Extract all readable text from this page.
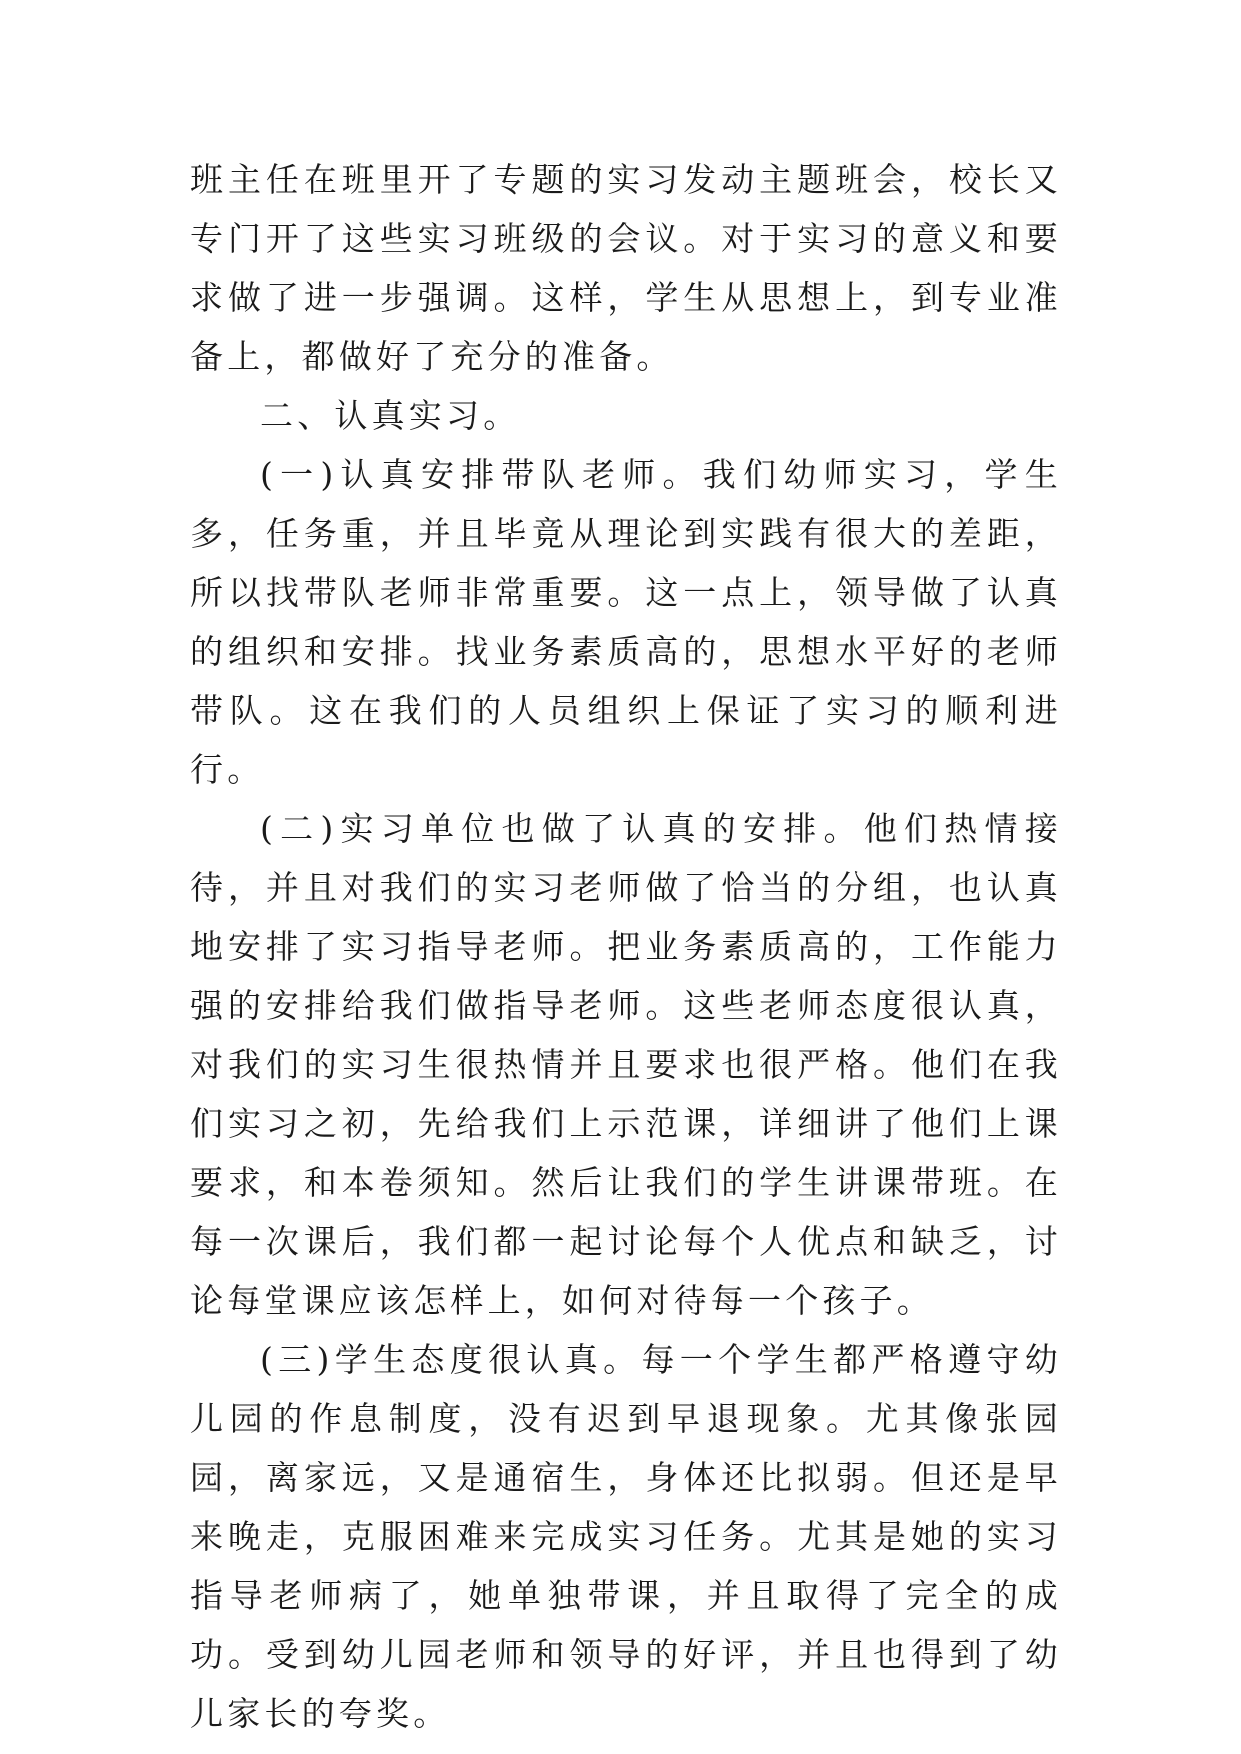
班主任在班里开了专题的实习发动主题班会，校长又专门开了这些实习班级的会议。对于实习的意义和要求做了进一步强调。这样，学生从思想上，到专业准备上，都做好了充分的准备。

二、认真实习。

(一)认真安排带队老师。我们幼师实习，学生多，任务重，并且毕竟从理论到实践有很大的差距，所以找带队老师非常重要。这一点上，领导做了认真的组织和安排。找业务素质高的，思想水平好的老师带队。这在我们的人员组织上保证了实习的顺利进行。

(二)实习单位也做了认真的安排。他们热情接待，并且对我们的实习老师做了恰当的分组，也认真地安排了实习指导老师。把业务素质高的，工作能力强的安排给我们做指导老师。这些老师态度很认真，对我们的实习生很热情并且要求也很严格。他们在我们实习之初，先给我们上示范课，详细讲了他们上课要求，和本卷须知。然后让我们的学生讲课带班。在每一次课后，我们都一起讨论每个人优点和缺乏，讨论每堂课应该怎样上，如何对待每一个孩子。

(三)学生态度很认真。每一个学生都严格遵守幼儿园的作息制度，没有迟到早退现象。尤其像张园园，离家远，又是通宿生，身体还比拟弱。但还是早来晚走，克服困难来完成实习任务。尤其是她的实习指导老师病了，她单独带课，并且取得了完全的成功。受到幼儿园老师和领导的好评，并且也得到了幼儿家长的夸奖。
